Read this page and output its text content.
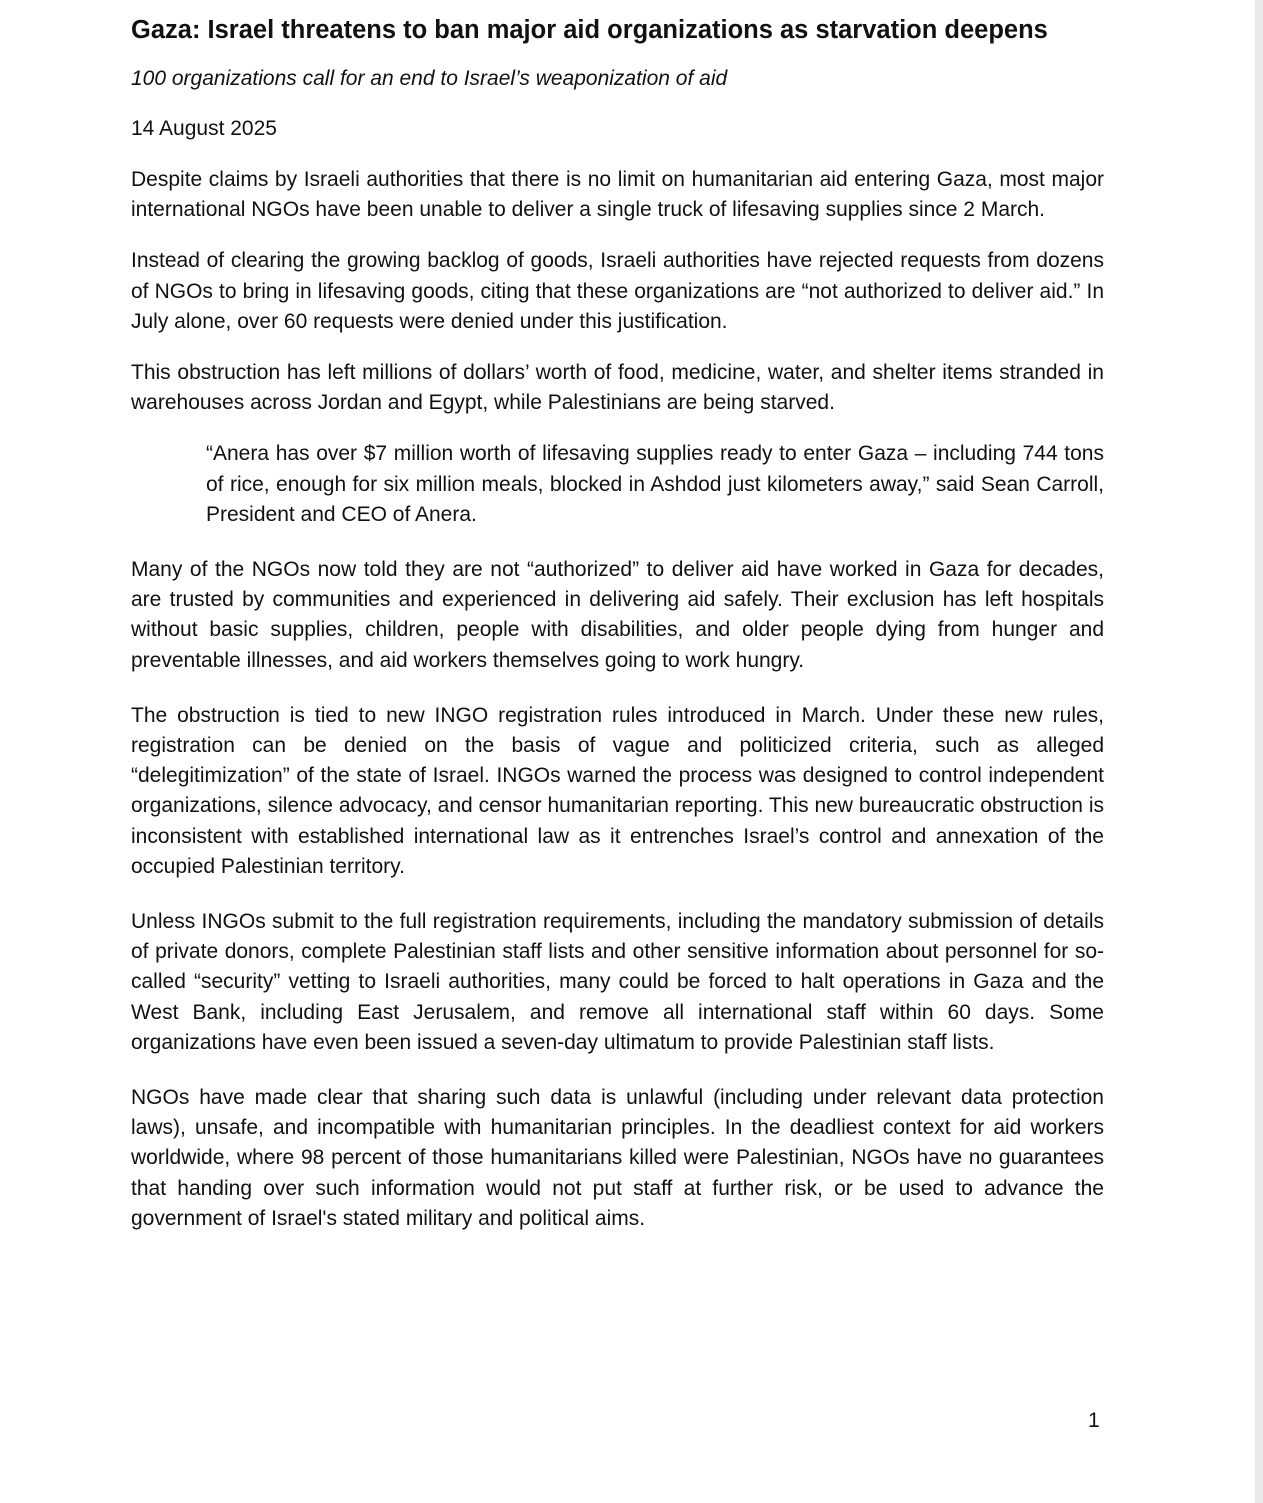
Gaza: Israel threatens to ban major aid organizations as starvation deepens
100 organizations call for an end to Israel’s weaponization of aid
14 August 2025

Despite claims by Israeli authorities that there is no limit on humanitarian aid entering Gaza, most major international NGOs have been unable to deliver a single truck of lifesaving supplies since 2 March.

Instead of clearing the growing backlog of goods, Israeli authorities have rejected requests from dozens of NGOs to bring in lifesaving goods, citing that these organizations are “not authorized to deliver aid.” In July alone, over 60 requests were denied under this justification.

This obstruction has left millions of dollars’ worth of food, medicine, water, and shelter items stranded in warehouses across Jordan and Egypt, while Palestinians are being starved.

“Anera has over $7 million worth of lifesaving supplies ready to enter Gaza – including 744 tons of rice, enough for six million meals, blocked in Ashdod just kilometers away,” said Sean Carroll, President and CEO of Anera.

Many of the NGOs now told they are not “authorized” to deliver aid have worked in Gaza for decades, are trusted by communities and experienced in delivering aid safely. Their exclusion has left hospitals without basic supplies, children, people with disabilities, and older people dying from hunger and preventable illnesses, and aid workers themselves going to work hungry.

The obstruction is tied to new INGO registration rules introduced in March. Under these new rules, registration can be denied on the basis of vague and politicized criteria, such as alleged “delegitimization” of the state of Israel. INGOs warned the process was designed to control independent organizations, silence advocacy, and censor humanitarian reporting. This new bureaucratic obstruction is inconsistent with established international law as it entrenches Israel’s control and annexation of the occupied Palestinian territory.

Unless INGOs submit to the full registration requirements, including the mandatory submission of details of private donors, complete Palestinian staff lists and other sensitive information about personnel for so-called “security” vetting to Israeli authorities, many could be forced to halt operations in Gaza and the West Bank, including East Jerusalem, and remove all international staff within 60 days. Some organizations have even been issued a seven-day ultimatum to provide Palestinian staff lists.

NGOs have made clear that sharing such data is unlawful (including under relevant data protection laws), unsafe, and incompatible with humanitarian principles. In the deadliest context for aid workers worldwide, where 98 percent of those humanitarians killed were Palestinian, NGOs have no guarantees that handing over such information would not put staff at further risk, or be used to advance the government of Israel's stated military and political aims.

1
